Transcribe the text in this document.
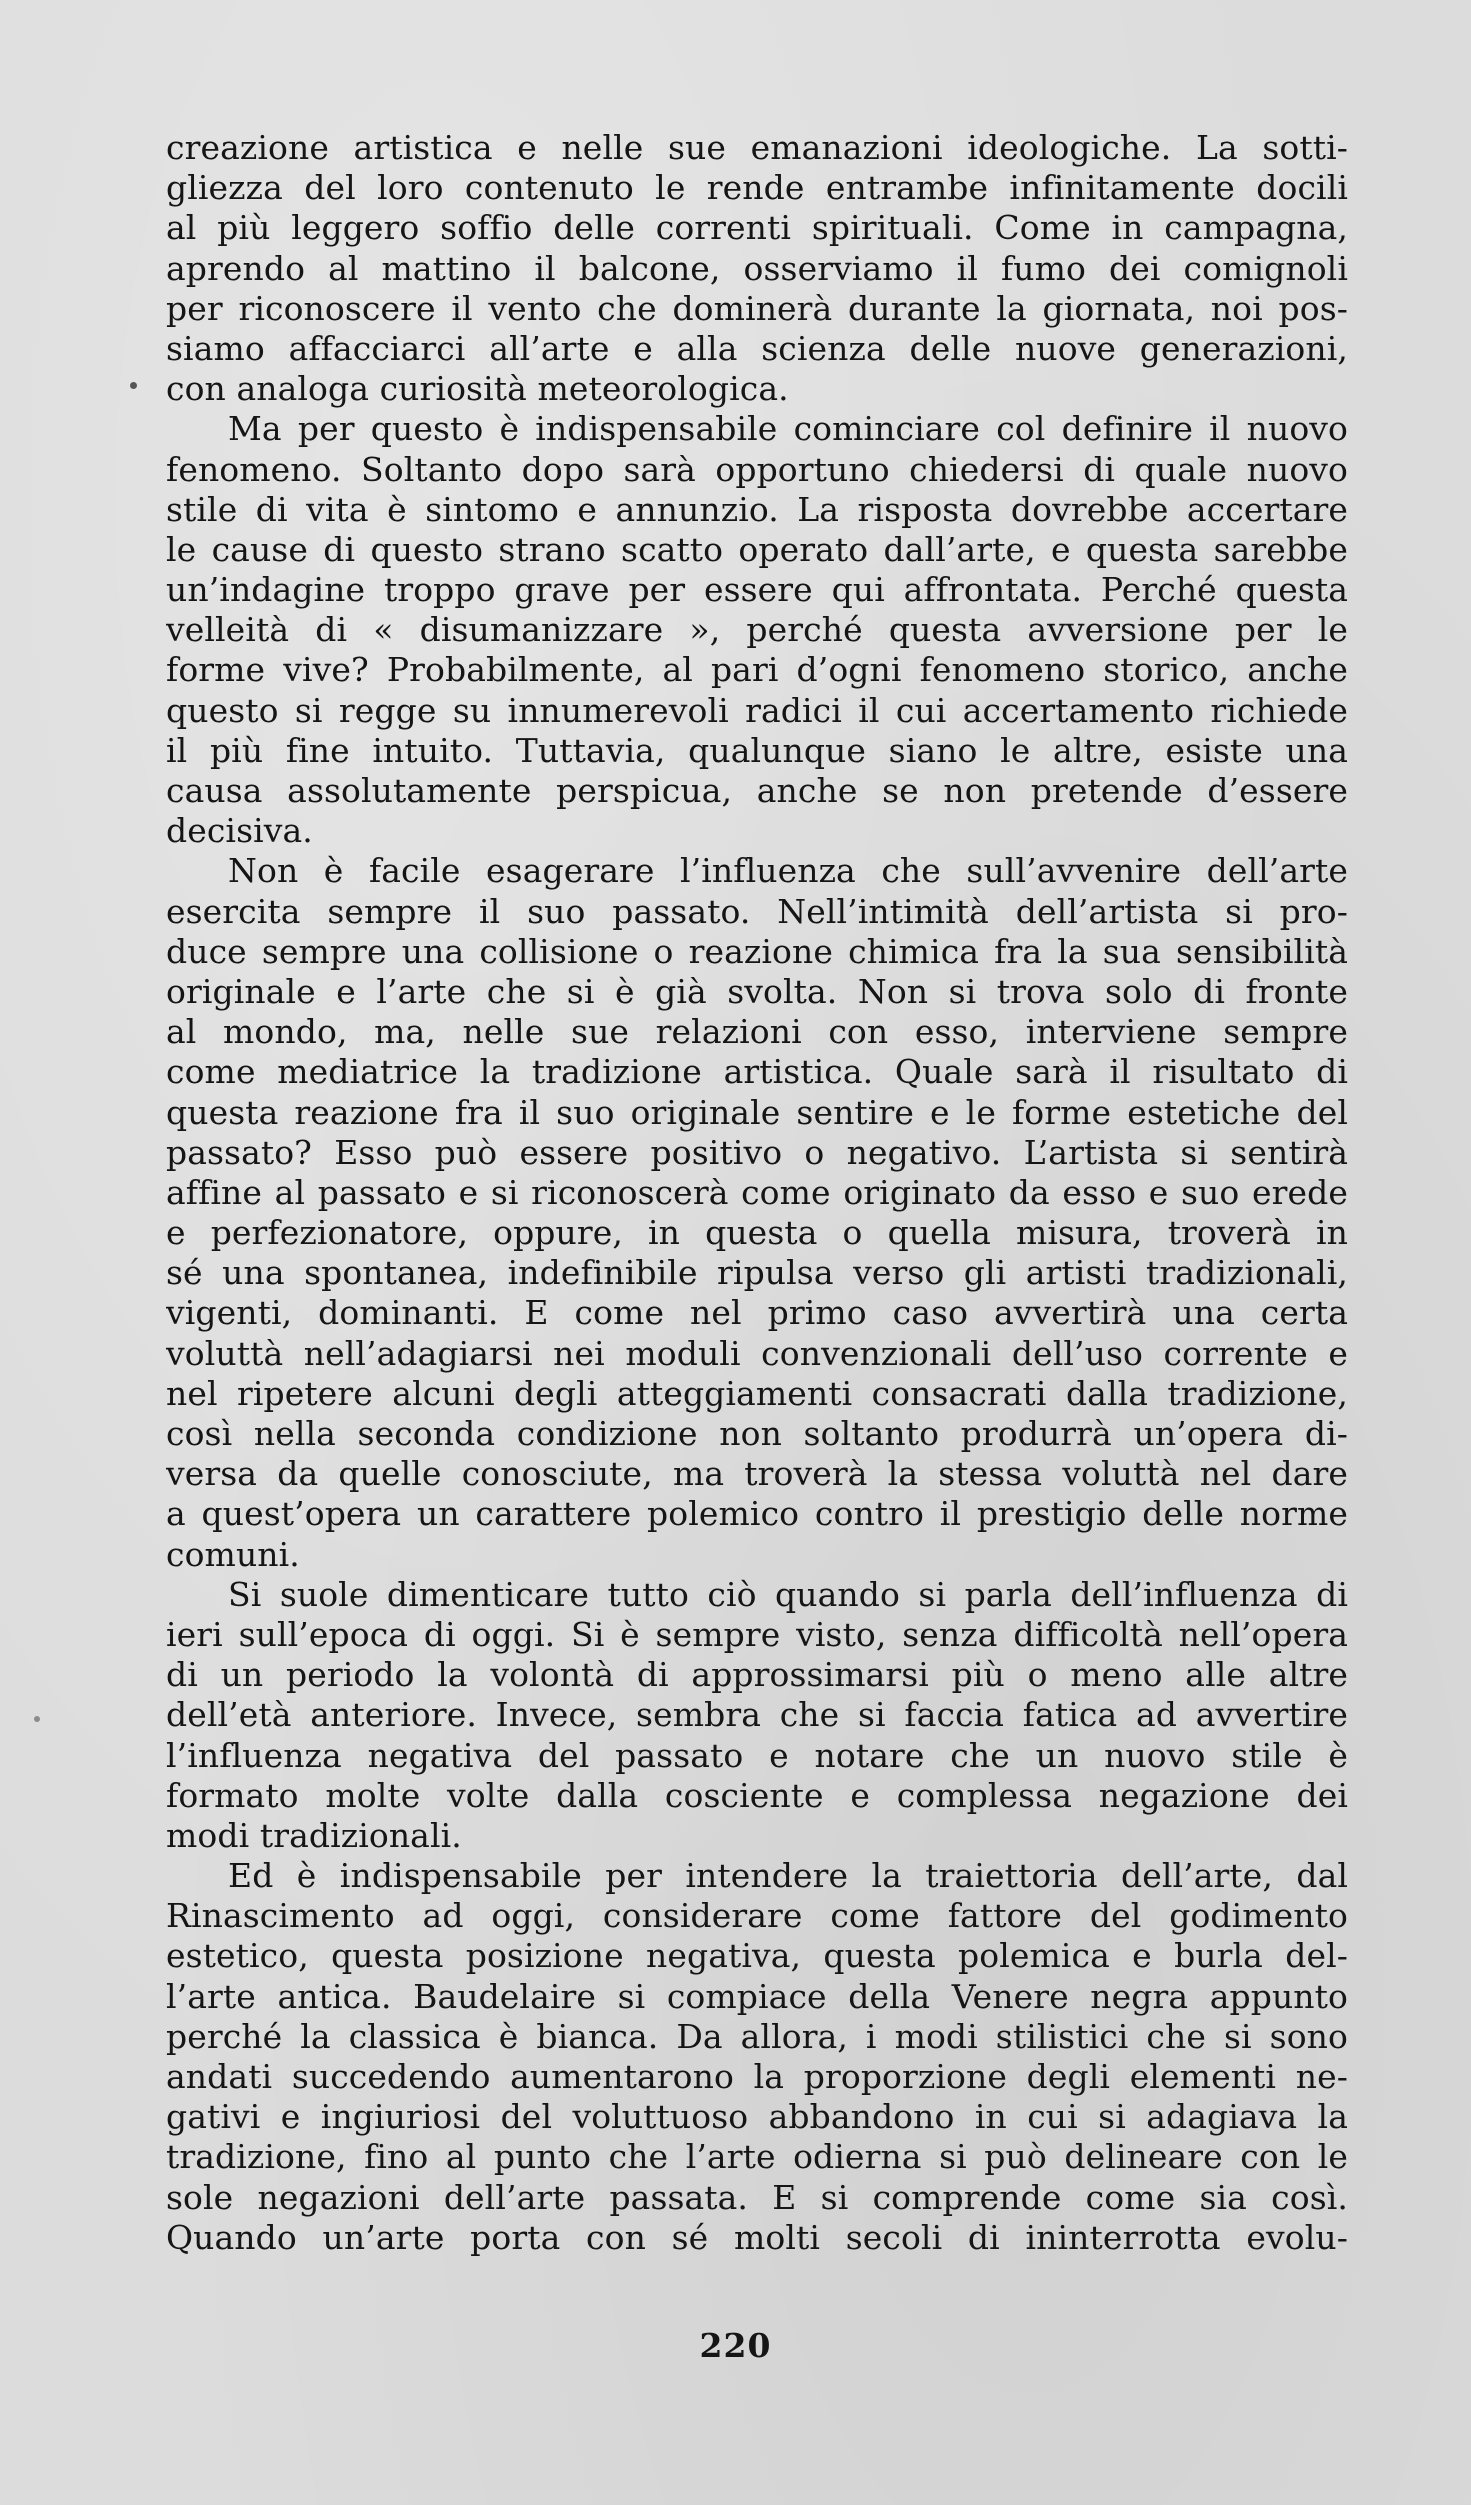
creazione artistica e nelle sue emanazioni ideologiche. La sotti-
gliezza del loro contenuto le rende entrambe infinitamente docili
al più leggero soffio delle correnti spirituali. Come in campagna,
aprendo al mattino il balcone, osserviamo il fumo dei comignoli
per riconoscere il vento che dominerà durante la giornata, noi pos-
siamo affacciarci all’arte e alla scienza delle nuove generazioni,
con analoga curiosità meteorologica.
Ma per questo è indispensabile cominciare col definire il nuovo
fenomeno. Soltanto dopo sarà opportuno chiedersi di quale nuovo
stile di vita è sintomo e annunzio. La risposta dovrebbe accertare
le cause di questo strano scatto operato dall’arte, e questa sarebbe
un’indagine troppo grave per essere qui affrontata. Perché questa
velleità di « disumanizzare », perché questa avversione per le
forme vive? Probabilmente, al pari d’ogni fenomeno storico, anche
questo si regge su innumerevoli radici il cui accertamento richiede
il più fine intuito. Tuttavia, qualunque siano le altre, esiste una
causa assolutamente perspicua, anche se non pretende d’essere
decisiva.
Non è facile esagerare l’influenza che sull’avvenire dell’arte
esercita sempre il suo passato. Nell’intimità dell’artista si pro-
duce sempre una collisione o reazione chimica fra la sua sensibilità
originale e l’arte che si è già svolta. Non si trova solo di fronte
al mondo, ma, nelle sue relazioni con esso, interviene sempre
come mediatrice la tradizione artistica. Quale sarà il risultato di
questa reazione fra il suo originale sentire e le forme estetiche del
passato? Esso può essere positivo o negativo. L’artista si sentirà
affine al passato e si riconoscerà come originato da esso e suo erede
e perfezionatore, oppure, in questa o quella misura, troverà in
sé una spontanea, indefinibile ripulsa verso gli artisti tradizionali,
vigenti, dominanti. E come nel primo caso avvertirà una certa
voluttà nell’adagiarsi nei moduli convenzionali dell’uso corrente e
nel ripetere alcuni degli atteggiamenti consacrati dalla tradizione,
così nella seconda condizione non soltanto produrrà un’opera di-
versa da quelle conosciute, ma troverà la stessa voluttà nel dare
a quest’opera un carattere polemico contro il prestigio delle norme
comuni.
Si suole dimenticare tutto ciò quando si parla dell’influenza di
ieri sull’epoca di oggi. Si è sempre visto, senza difficoltà nell’opera
di un periodo la volontà di approssimarsi più o meno alle altre
dell’età anteriore. Invece, sembra che si faccia fatica ad avvertire
l’influenza negativa del passato e notare che un nuovo stile è
formato molte volte dalla cosciente e complessa negazione dei
modi tradizionali.
Ed è indispensabile per intendere la traiettoria dell’arte, dal
Rinascimento ad oggi, considerare come fattore del godimento
estetico, questa posizione negativa, questa polemica e burla del-
l’arte antica. Baudelaire si compiace della Venere negra appunto
perché la classica è bianca. Da allora, i modi stilistici che si sono
andati succedendo aumentarono la proporzione degli elementi ne-
gativi e ingiuriosi del voluttuoso abbandono in cui si adagiava la
tradizione, fino al punto che l’arte odierna si può delineare con le
sole negazioni dell’arte passata. E si comprende come sia così.
Quando un’arte porta con sé molti secoli di ininterrotta evolu-
220
